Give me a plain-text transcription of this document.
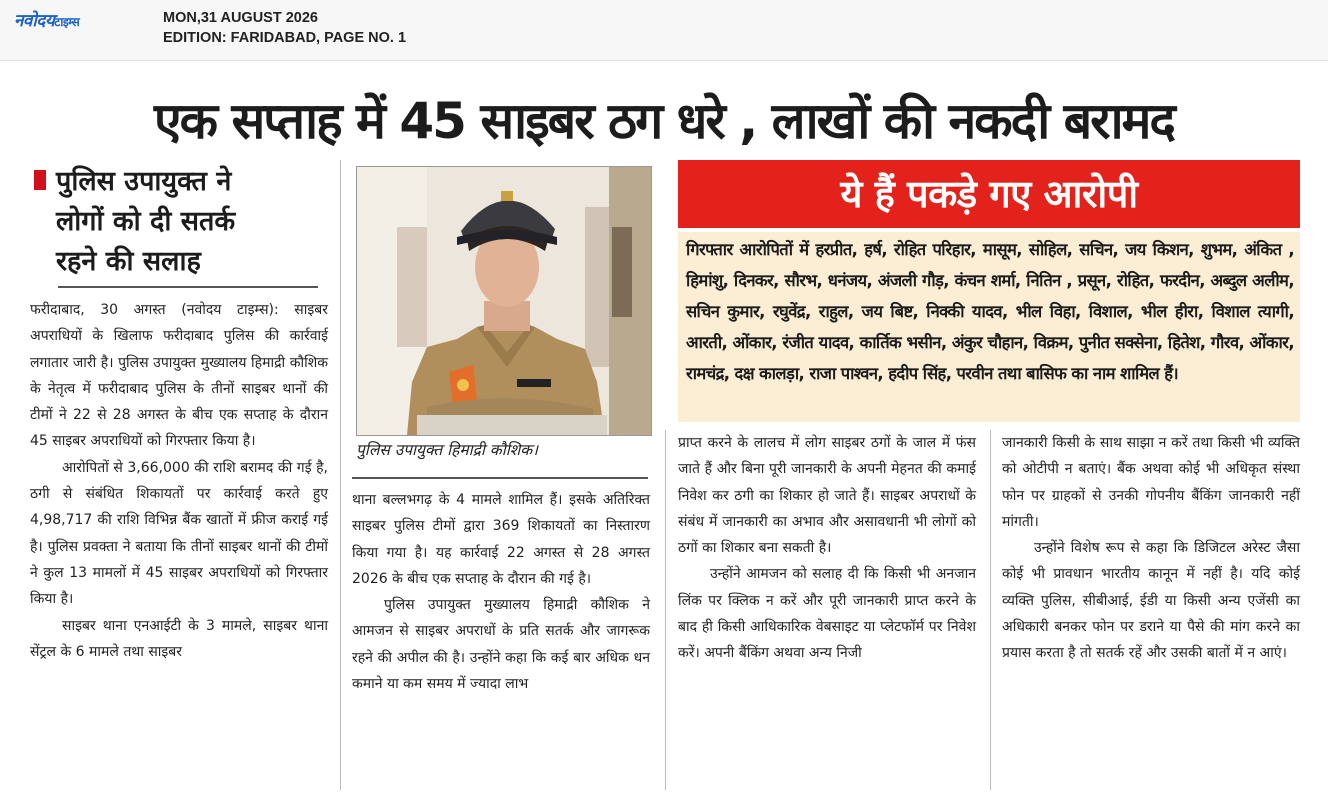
नवोदयटाइम्स	MON,31 AUGUST 2026
EDITION: FARIDABAD, PAGE NO. 1
एक सप्ताह में 45 साइबर ठग धरे , लाखों की नकदी बरामद
पुलिस उपायुक्त ने
लोगों को दी सतर्क
रहने की सलाह

फरीदाबाद, 30 अगस्त (नवोदय टाइम्स): साइबर अपराधियों के खिलाफ फरीदाबाद पुलिस की कार्रवाई लगातार जारी है। पुलिस उपायुक्त मुख्यालय हिमाद्री कौशिक के नेतृत्व में फरीदाबाद पुलिस के तीनों साइबर थानों की टीमों ने 22 से 28 अगस्त के बीच एक सप्ताह के दौरान 45 साइबर अपराधियों को गिरफ्तार किया है।

आरोपितों से 3,66,000 की राशि बरामद की गई है, ठगी से संबंधित शिकायतों पर कार्रवाई करते हुए 4,98,717 की राशि विभिन्न बैंक खातों में फ्रीज कराई गई है। पुलिस प्रवक्ता ने बताया कि तीनों साइबर थानों की टीमों ने कुल 13 मामलों में 45 साइबर अपराधियों को गिरफ्तार किया है।

साइबर थाना एनआईटी के 3 मामले, साइबर थाना सेंट्रल के 6 मामले तथा साइबर

पुलिस उपायुक्त हिमाद्री कौशिक।

थाना बल्लभगढ़ के 4 मामले शामिल हैं। इसके अतिरिक्त साइबर पुलिस टीमों द्वारा 369 शिकायतों का निस्तारण किया गया है। यह कार्रवाई 22 अगस्त से 28 अगस्त 2026 के बीच एक सप्ताह के दौरान की गई है।

पुलिस उपायुक्त मुख्यालय हिमाद्री कौशिक ने आमजन से साइबर अपराधों के प्रति सतर्क और जागरूक रहने की अपील की है। उन्होंने कहा कि कई बार अधिक धन कमाने या कम समय में ज्यादा लाभ

ये हैं पकड़े गए आरोपी
गिरफ्तार आरोपितों में हरप्रीत, हर्ष, रोहित परिहार, मासूम, सोहिल, सचिन, जय किशन, शुभम, अंकित , हिमांशु, दिनकर, सौरभ, धनंजय, अंजली गौड़, कंचन शर्मा, नितिन , प्रसून, रोहित, फरदीन, अब्दुल अलीम, सचिन कुमार, रघुवेंद्र, राहुल, जय बिष्ट, निक्की यादव, भील विहा, विशाल, भील हीरा, विशाल त्यागी, आरती, ओंकार, रंजीत यादव, कार्तिक भसीन, अंकुर चौहान, विक्रम, पुनीत सक्सेना, हितेश, गौरव, ओंकार, रामचंद्र, दक्ष कालड़ा, राजा पाश्वन, हदीप सिंह, परवीन तथा बासिफ का नाम शामिल हैं।

प्राप्त करने के लालच में लोग साइबर ठगों के जाल में फंस जाते हैं और बिना पूरी जानकारी के अपनी मेहनत की कमाई निवेश कर ठगी का शिकार हो जाते हैं। साइबर अपराधों के संबंध में जानकारी का अभाव और असावधानी भी लोगों को ठगों का शिकार बना सकती है।

उन्होंने आमजन को सलाह दी कि किसी भी अनजान लिंक पर क्लिक न करें और पूरी जानकारी प्राप्त करने के बाद ही किसी आधिकारिक वेबसाइट या प्लेटफॉर्म पर निवेश करें। अपनी बैंकिंग अथवा अन्य निजी

जानकारी किसी के साथ साझा न करें तथा किसी भी व्यक्ति को ओटीपी न बताएं। बैंक अथवा कोई भी अधिकृत संस्था फोन पर ग्राहकों से उनकी गोपनीय बैंकिंग जानकारी नहीं मांगती।

उन्होंने विशेष रूप से कहा कि डिजिटल अरेस्ट जैसा कोई भी प्रावधान भारतीय कानून में नहीं है। यदि कोई व्यक्ति पुलिस, सीबीआई, ईडी या किसी अन्य एजेंसी का अधिकारी बनकर फोन पर डराने या पैसे की मांग करने का प्रयास करता है तो सतर्क रहें और उसकी बातों में न आएं।
